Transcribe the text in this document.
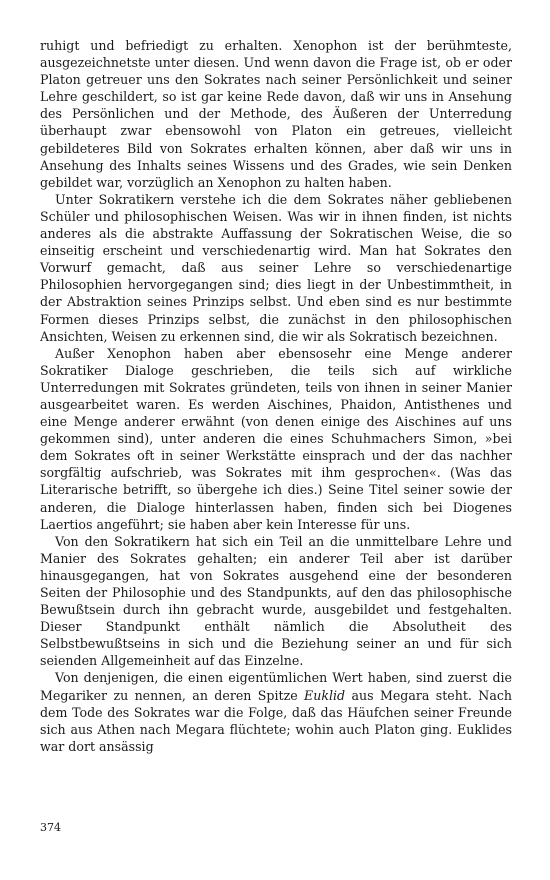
ruhigt und befriedigt zu erhalten. Xenophon ist der berühmteste, ausgezeichnetste unter diesen. Und wenn davon die Frage ist, ob er oder Platon getreuer uns den Sokrates nach seiner Persönlichkeit und seiner Lehre geschildert, so ist gar keine Rede davon, daß wir uns in Ansehung des Persönlichen und der Methode, des Äußeren der Unterredung überhaupt zwar ebensowohl von Platon ein getreues, vielleicht gebildeteres Bild von Sokrates erhalten können, aber daß wir uns in Ansehung des Inhalts seines Wissens und des Grades, wie sein Denken gebildet war, vorzüglich an Xenophon zu halten haben.

Unter Sokratikern verstehe ich die dem Sokrates näher gebliebenen Schüler und philosophischen Weisen. Was wir in ihnen finden, ist nichts anderes als die abstrakte Auffassung der Sokratischen Weise, die so einseitig erscheint und verschiedenartig wird. Man hat Sokrates den Vorwurf gemacht, daß aus seiner Lehre so verschiedenartige Philosophien hervorgegangen sind; dies liegt in der Unbestimmtheit, in der Abstraktion seines Prinzips selbst. Und eben sind es nur bestimmte Formen dieses Prinzips selbst, die zunächst in den philosophischen Ansichten, Weisen zu erkennen sind, die wir als Sokratisch bezeichnen.

Außer Xenophon haben aber ebensosehr eine Menge anderer Sokratiker Dialoge geschrieben, die teils sich auf wirkliche Unterredungen mit Sokrates gründeten, teils von ihnen in seiner Manier ausgearbeitet waren. Es werden Aischines, Phaidon, Antisthenes und eine Menge anderer erwähnt (von denen einige des Aischines auf uns gekommen sind), unter anderen die eines Schuhmachers Simon, »bei dem Sokrates oft in seiner Werkstätte einsprach und der das nachher sorgfältig aufschrieb, was Sokrates mit ihm gesprochen«. (Was das Literarische betrifft, so übergehe ich dies.) Seine Titel seiner sowie der anderen, die Dialoge hinterlassen haben, finden sich bei Diogenes Laertios angeführt; sie haben aber kein Interesse für uns.

Von den Sokratikern hat sich ein Teil an die unmittelbare Lehre und Manier des Sokrates gehalten; ein anderer Teil aber ist darüber hinausgegangen, hat von Sokrates ausgehend eine der besonderen Seiten der Philosophie und des Standpunkts, auf den das philosophische Bewußtsein durch ihn gebracht wurde, ausgebildet und festgehalten. Dieser Standpunkt enthält nämlich die Absolutheit des Selbstbewußtseins in sich und die Beziehung seiner an und für sich seienden Allgemeinheit auf das Einzelne.

Von denjenigen, die einen eigentümlichen Wert haben, sind zuerst die Megariker zu nennen, an deren Spitze Euklid aus Megara steht. Nach dem Tode des Sokrates war die Folge, daß das Häufchen seiner Freunde sich aus Athen nach Megara flüchtete; wohin auch Platon ging. Euklides war dort ansässig

374
